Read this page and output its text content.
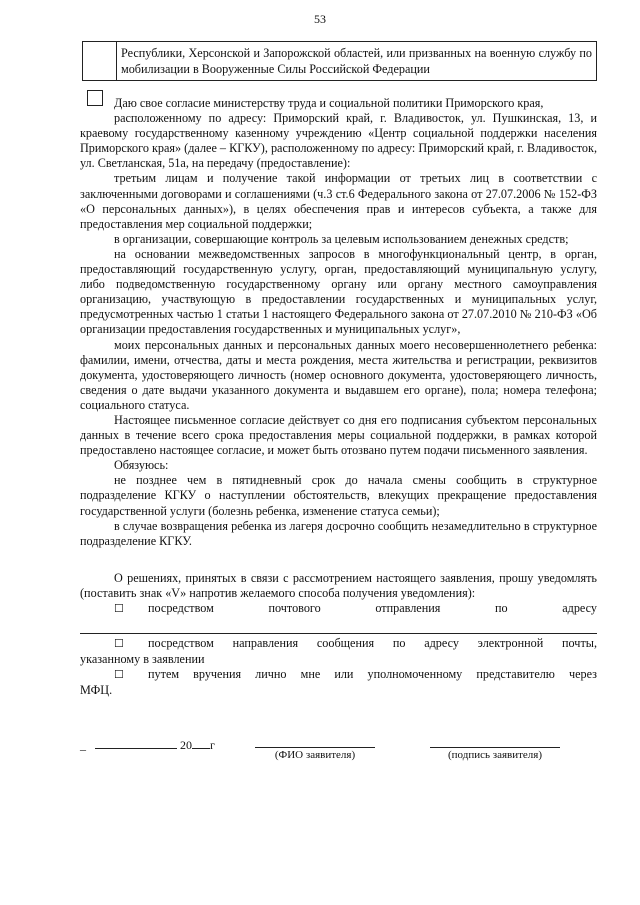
53
Республики, Херсонской и Запорожской областей, или призванных на военную службу по мобилизации в Вооруженные Силы Российской Федерации

Даю свое согласие министерству труда и социальной политики Приморского края,

расположенному по адресу: Приморский край, г. Владивосток, ул. Пушкинская, 13, и краевому государственному казенному учреждению «Центр социальной поддержки населения Приморского края» (далее – КГКУ), расположенному по адресу: Приморский край, г. Владивосток, ул. Светланская, 51а, на передачу (предоставление):

третьим лицам и получение такой информации от третьих лиц в соответствии с заключенными договорами и соглашениями (ч.3 ст.6 Федерального закона от 27.07.2006 № 152-ФЗ «О персональных данных»), в целях обеспечения прав и интересов субъекта, а также для предоставления мер социальной поддержки;

в организации, совершающие контроль за целевым использованием денежных средств;

на основании межведомственных запросов в многофункциональный центр, в орган, предоставляющий государственную услугу, орган, предоставляющий муниципальную услугу, либо подведомственную государственному органу или органу местного самоуправления организацию, участвующую в предоставлении государственных и муниципальных услуг, предусмотренных частью 1 статьи 1 настоящего Федерального закона от 27.07.2010 № 210-ФЗ «Об организации предоставления государственных и муниципальных услуг»,

моих персональных данных и персональных данных моего несовершеннолетнего ребенка: фамилии, имени, отчества, даты и места рождения, места жительства и регистрации, реквизитов документа, удостоверяющего личность (номер основного документа, удостоверяющего личность, сведения о дате выдачи указанного документа и выдавшем его органе), пола; номера телефона; социального статуса.

Настоящее письменное согласие действует со дня его подписания субъектом персональных данных в течение всего срока предоставления меры социальной поддержки, в рамках которой предоставлено настоящее согласие, и может быть отозвано путем подачи письменного заявления.

Обязуюсь:

не позднее чем в пятидневный срок до начала смены сообщить в структурное подразделение КГКУ о наступлении обстоятельств, влекущих прекращение предоставления государственной услуги (болезнь ребенка, изменение статуса семьи);

в случае возвращения ребенка из лагеря досрочно сообщить незамедлительно в структурное подразделение КГКУ.

О решениях, принятых в связи с рассмотрением настоящего заявления, прошу уведомлять (поставить знак «V» напротив желаемого способа получения уведомления):

☐	посредством почтового отправления по адресу
☐	посредством направления сообщения по адресу электронной почты,

указанному в заявлении

☐	путем вручения лично мне или уполномоченному представителю через

МФЦ.

_	20 г
(ФИО заявителя)	(подпись заявителя)
